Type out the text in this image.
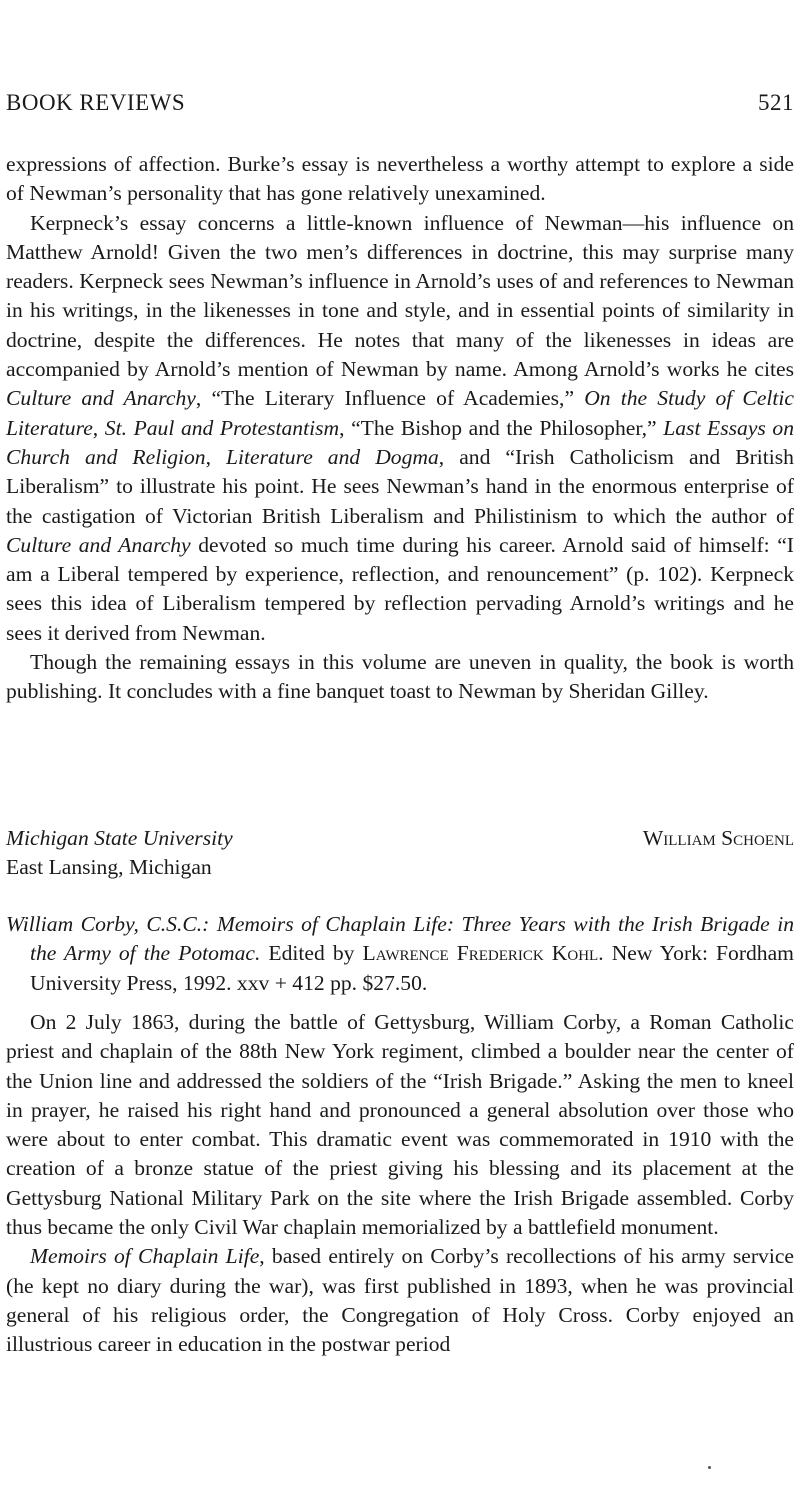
BOOK REVIEWS	521

expressions of affection. Burke’s essay is nevertheless a worthy attempt to explore a side of Newman’s personality that has gone relatively unexamined.

Kerpneck’s essay concerns a little-known influence of Newman—his influence on Matthew Arnold! Given the two men’s differences in doctrine, this may surprise many readers. Kerpneck sees Newman’s influence in Arnold’s uses of and references to Newman in his writings, in the likenesses in tone and style, and in essential points of similarity in doctrine, despite the differences. He notes that many of the likenesses in ideas are accompanied by Arnold’s mention of Newman by name. Among Arnold’s works he cites Culture and Anarchy, “The Literary Influence of Academies,” On the Study of Celtic Literature, St. Paul and Protestantism, “The Bishop and the Philosopher,” Last Essays on Church and Religion, Literature and Dogma, and “Irish Catholicism and British Liberalism” to illustrate his point. He sees Newman’s hand in the enormous enterprise of the castigation of Victorian British Liberalism and Philistinism to which the author of Culture and Anarchy devoted so much time during his career. Arnold said of himself: “I am a Liberal tempered by experience, reflection, and renouncement” (p. 102). Kerpneck sees this idea of Liberalism tempered by reflection pervading Arnold’s writings and he sees it derived from Newman.

Though the remaining essays in this volume are uneven in quality, the book is worth publishing. It concludes with a fine banquet toast to Newman by Sheridan Gilley.

Michigan State University	William Schoenl
East Lansing, Michigan

William Corby, C.S.C.: Memoirs of Chaplain Life: Three Years with the Irish Brigade in the Army of the Potomac. Edited by Lawrence Frederick Kohl. New York: Fordham University Press, 1992. xxv + 412 pp. $27.50.

On 2 July 1863, during the battle of Gettysburg, William Corby, a Roman Catholic priest and chaplain of the 88th New York regiment, climbed a boulder near the center of the Union line and addressed the soldiers of the “Irish Brigade.” Asking the men to kneel in prayer, he raised his right hand and pronounced a general absolution over those who were about to enter combat. This dramatic event was commemorated in 1910 with the creation of a bronze statue of the priest giving his blessing and its placement at the Gettysburg National Military Park on the site where the Irish Brigade assembled. Corby thus became the only Civil War chaplain memorialized by a battlefield monument.

Memoirs of Chaplain Life, based entirely on Corby’s recollections of his army service (he kept no diary during the war), was first published in 1893, when he was provincial general of his religious order, the Congregation of Holy Cross. Corby enjoyed an illustrious career in education in the postwar period
